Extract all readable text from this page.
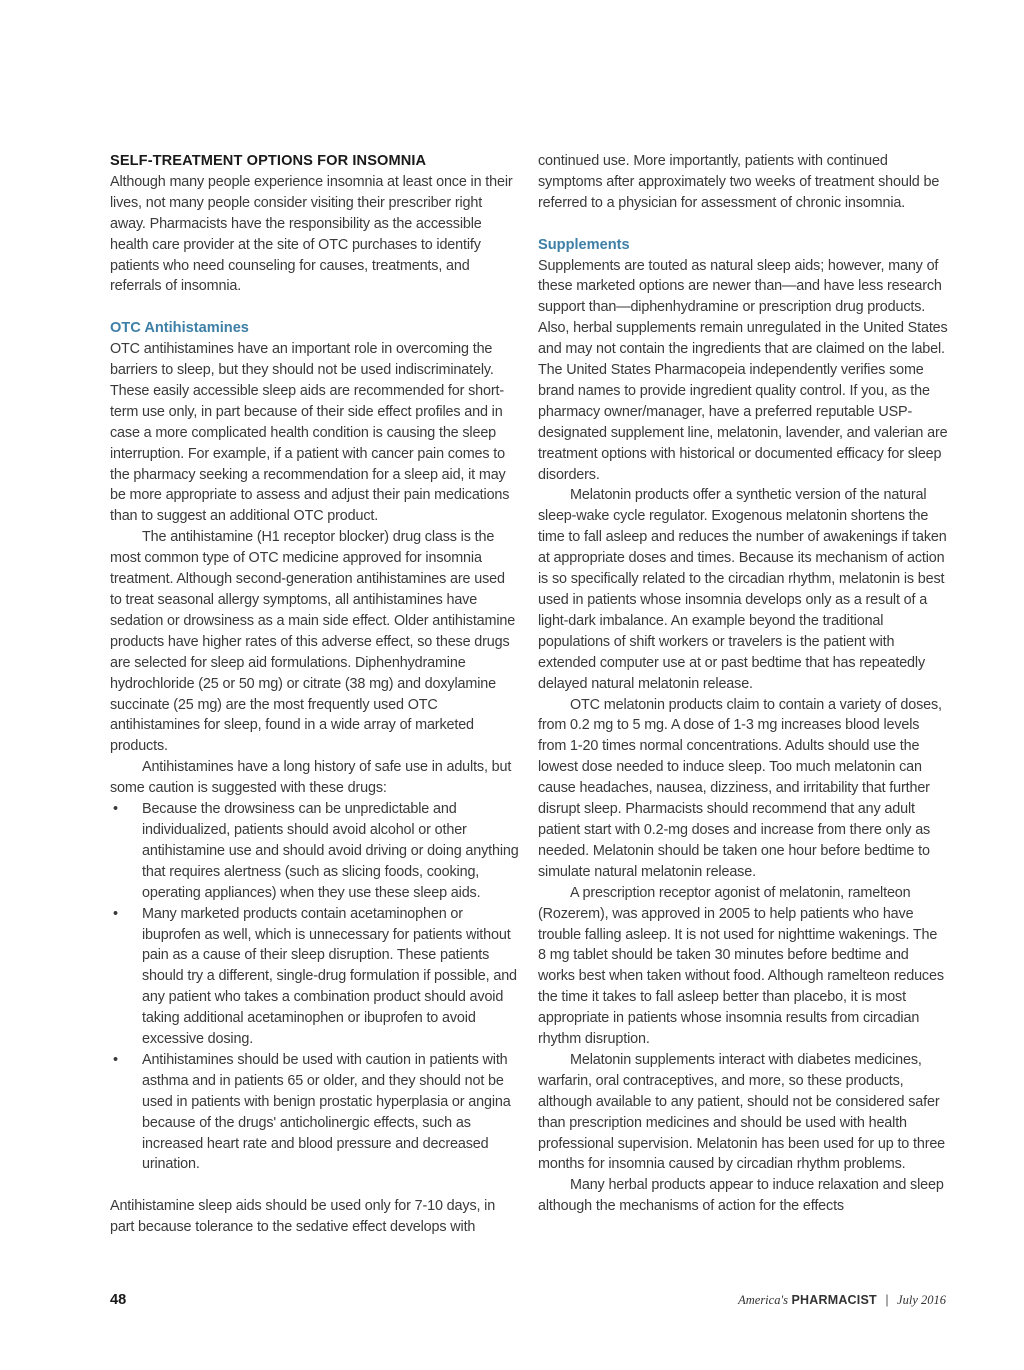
SELF-TREATMENT OPTIONS FOR INSOMNIA

Although many people experience insomnia at least once in their lives, not many people consider visiting their prescriber right away. Pharmacists have the responsibility as the accessible health care provider at the site of OTC purchases to identify patients who need counseling for causes, treatments, and referrals of insomnia.

OTC Antihistamines

OTC antihistamines have an important role in overcoming the barriers to sleep, but they should not be used indiscriminately. These easily accessible sleep aids are recommended for short-term use only, in part because of their side effect profiles and in case a more complicated health condition is causing the sleep interruption. For example, if a patient with cancer pain comes to the pharmacy seeking a recommendation for a sleep aid, it may be more appropriate to assess and adjust their pain medications than to suggest an additional OTC product.

The antihistamine (H1 receptor blocker) drug class is the most common type of OTC medicine approved for insomnia treatment. Although second-generation antihistamines are used to treat seasonal allergy symptoms, all antihistamines have sedation or drowsiness as a main side effect. Older antihistamine products have higher rates of this adverse effect, so these drugs are selected for sleep aid formulations. Diphenhydramine hydrochloride (25 or 50 mg) or citrate (38 mg) and doxylamine succinate (25 mg) are the most frequently used OTC antihistamines for sleep, found in a wide array of marketed products.

Antihistamines have a long history of safe use in adults, but some caution is suggested with these drugs:

• Because the drowsiness can be unpredictable and individualized, patients should avoid alcohol or other antihistamine use and should avoid driving or doing anything that requires alertness (such as slicing foods, cooking, operating appliances) when they use these sleep aids.
• Many marketed products contain acetaminophen or ibuprofen as well, which is unnecessary for patients without pain as a cause of their sleep disruption. These patients should try a different, single-drug formulation if possible, and any patient who takes a combination product should avoid taking additional acetaminophen or ibuprofen to avoid excessive dosing.
• Antihistamines should be used with caution in patients with asthma and in patients 65 or older, and they should not be used in patients with benign prostatic hyperplasia or angina because of the drugs' anticholinergic effects, such as increased heart rate and blood pressure and decreased urination.

Antihistamine sleep aids should be used only for 7-10 days, in part because tolerance to the sedative effect develops with

continued use. More importantly, patients with continued symptoms after approximately two weeks of treatment should be referred to a physician for assessment of chronic insomnia.

Supplements

Supplements are touted as natural sleep aids; however, many of these marketed options are newer than—and have less research support than—diphenhydramine or prescription drug products. Also, herbal supplements remain unregulated in the United States and may not contain the ingredients that are claimed on the label. The United States Pharmacopeia independently verifies some brand names to provide ingredient quality control. If you, as the pharmacy owner/manager, have a preferred reputable USP-designated supplement line, melatonin, lavender, and valerian are treatment options with historical or documented efficacy for sleep disorders.

Melatonin products offer a synthetic version of the natural sleep-wake cycle regulator. Exogenous melatonin shortens the time to fall asleep and reduces the number of awakenings if taken at appropriate doses and times. Because its mechanism of action is so specifically related to the circadian rhythm, melatonin is best used in patients whose insomnia develops only as a result of a light-dark imbalance. An example beyond the traditional populations of shift workers or travelers is the patient with extended computer use at or past bedtime that has repeatedly delayed natural melatonin release.

OTC melatonin products claim to contain a variety of doses, from 0.2 mg to 5 mg. A dose of 1-3 mg increases blood levels from 1-20 times normal concentrations. Adults should use the lowest dose needed to induce sleep. Too much melatonin can cause headaches, nausea, dizziness, and irritability that further disrupt sleep. Pharmacists should recommend that any adult patient start with 0.2-mg doses and increase from there only as needed. Melatonin should be taken one hour before bedtime to simulate natural melatonin release.

A prescription receptor agonist of melatonin, ramelteon (Rozerem), was approved in 2005 to help patients who have trouble falling asleep. It is not used for nighttime wakenings. The 8 mg tablet should be taken 30 minutes before bedtime and works best when taken without food. Although ramelteon reduces the time it takes to fall asleep better than placebo, it is most appropriate in patients whose insomnia results from circadian rhythm disruption.

Melatonin supplements interact with diabetes medicines, warfarin, oral contraceptives, and more, so these products, although available to any patient, should not be considered safer than prescription medicines and should be used with health professional supervision. Melatonin has been used for up to three months for insomnia caused by circadian rhythm problems.

Many herbal products appear to induce relaxation and sleep although the mechanisms of action for the effects

48	America's PHARMACIST | July 2016
